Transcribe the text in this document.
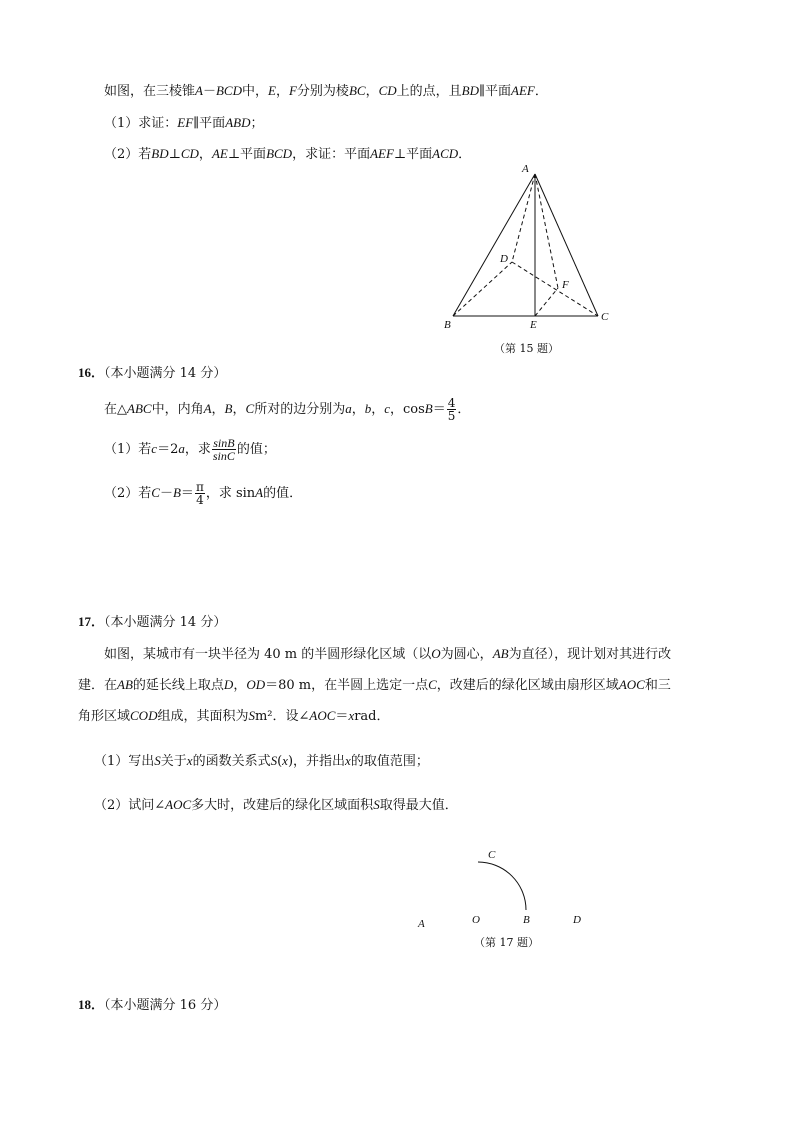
如图，在三棱锥A－BCD中，E，F分别为棱BC，CD上的点，且BD∥平面AEF．
（1）求证：EF∥平面ABD；
（2）若BD⊥CD，AE⊥平面BCD，求证：平面AEF⊥平面ACD．
A
D
F
B	E
C
（第 15 题）
16．（本小题满分 14 分）
在△ABC中，内角A，B，C所对的边分别为a，b，c，$\cos B= \frac{4}{5}$ ．
（1）若c＝2a，求 $\frac{\sin B}{\sin C}$ 的值；
（2）若$C-B= \frac{\pi}{4}$ ，求 sinA的值．
17．（本小题满分 14 分）
如图，某城市有一块半径为 40 m 的半圆形绿化区域（以O为圆心，AB为直径），现计划对其进行改
建．在AB的延长线上取点D，OD＝80 m，在半圆上选定一点C，改建后的绿化区域由扇形区域AOC和三
角形区域COD组成，其面积为Sm²．设∠AOC＝xrad．
（1）写出S关于x的函数关系式S(x)，并指出x的取值范围；
（2）试问∠AOC多大时，改建后的绿化区域面积S取得最大值．
C
A	O	B	D
（第 17 题）
18．（本小题满分 16 分）
